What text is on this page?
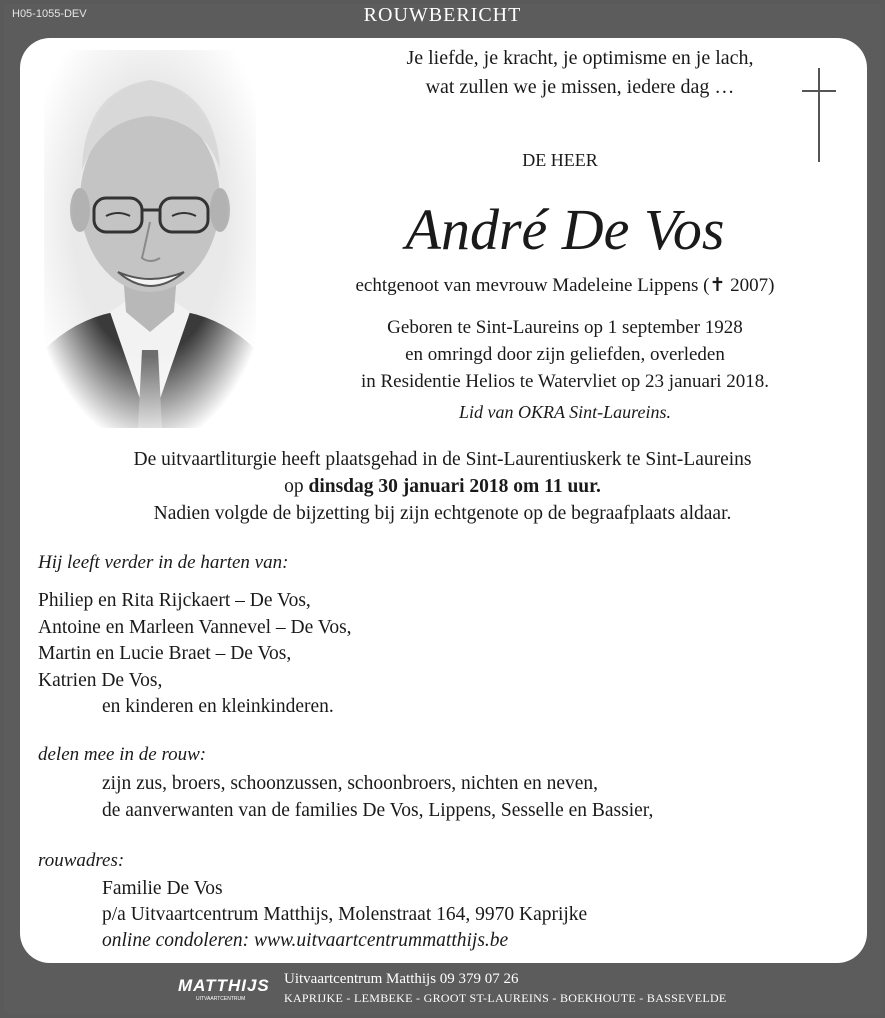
H05-1055-DEV	ROUWBERICHT
Je liefde, je kracht, je optimisme en je lach,
wat zullen we je missen, iedere dag …
DE HEER
André De Vos
echtgenoot van mevrouw Madeleine Lippens (✝ 2007)
Geboren te Sint-Laureins op 1 september 1928
en omringd door zijn geliefden, overleden
in Residentie Helios te Watervliet op 23 januari 2018.
Lid van OKRA Sint-Laureins.
De uitvaartliturgie heeft plaatsgehad in de Sint-Laurentiuskerk te Sint-Laureins
op dinsdag 30 januari 2018 om 11 uur.
Nadien volgde de bijzetting bij zijn echtgenote op de begraafplaats aldaar.
Hij leeft verder in de harten van:
Philiep en Rita Rijckaert – De Vos,
Antoine en Marleen Vannevel – De Vos,
Martin en Lucie Braet – De Vos,
Katrien De Vos,
en kinderen en kleinkinderen.
delen mee in de rouw:
zijn zus, broers, schoonzussen, schoonbroers, nichten en neven,
de aanverwanten van de families De Vos, Lippens, Sesselle en Bassier,
rouwadres:
Familie De Vos
p/a Uitvaartcentrum Matthijs, Molenstraat 164, 9970 Kaprijke
online condoleren: www.uitvaartcentrummatthijs.be
MATTHIJS
UITVAARTCENTRUM
Uitvaartcentrum Matthijs 09 379 07 26
KAPRIJKE - LEMBEKE - GROOT ST-LAUREINS - BOEKHOUTE - BASSEVELDE
